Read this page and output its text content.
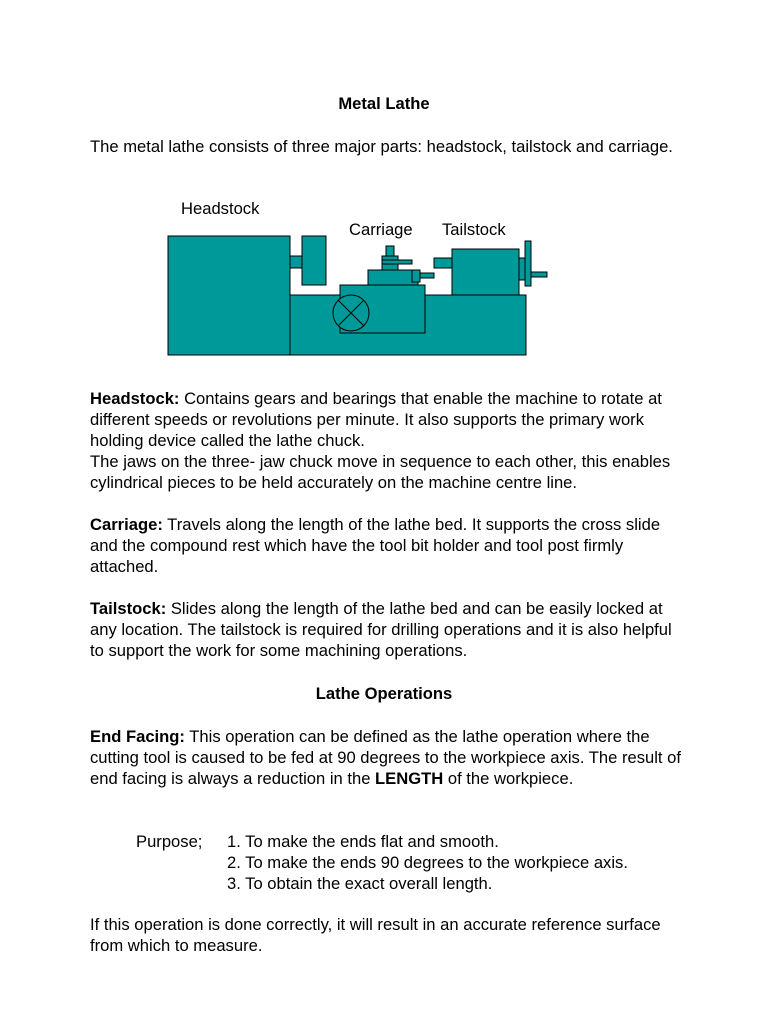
Metal Lathe

The metal lathe consists of three major parts: headstock, tailstock and carriage.

Headstock

Carriage Tailstock

Headstock: Contains gears and bearings that enable the machine to rotate at different speeds or revolutions per minute. It also supports the primary work holding device called the lathe chuck.
The jaws on the three- jaw chuck move in sequence to each other, this enables cylindrical pieces to be held accurately on the machine centre line.

Carriage: Travels along the length of the lathe bed. It supports the cross slide and the compound rest which have the tool bit holder and tool post firmly attached.

Tailstock: Slides along the length of the lathe bed and can be easily locked at any location. The tailstock is required for drilling operations and it is also helpful to support the work for some machining operations.

Lathe Operations

End Facing: This operation can be defined as the lathe operation where the cutting tool is caused to be fed at 90 degrees to the workpiece axis. The result of end facing is always a reduction in the LENGTH of the workpiece.

Purpose; 1. To make the ends flat and smooth.
2. To make the ends 90 degrees to the workpiece axis.
3. To obtain the exact overall length.

If this operation is done correctly, it will result in an accurate reference surface from which to measure.
